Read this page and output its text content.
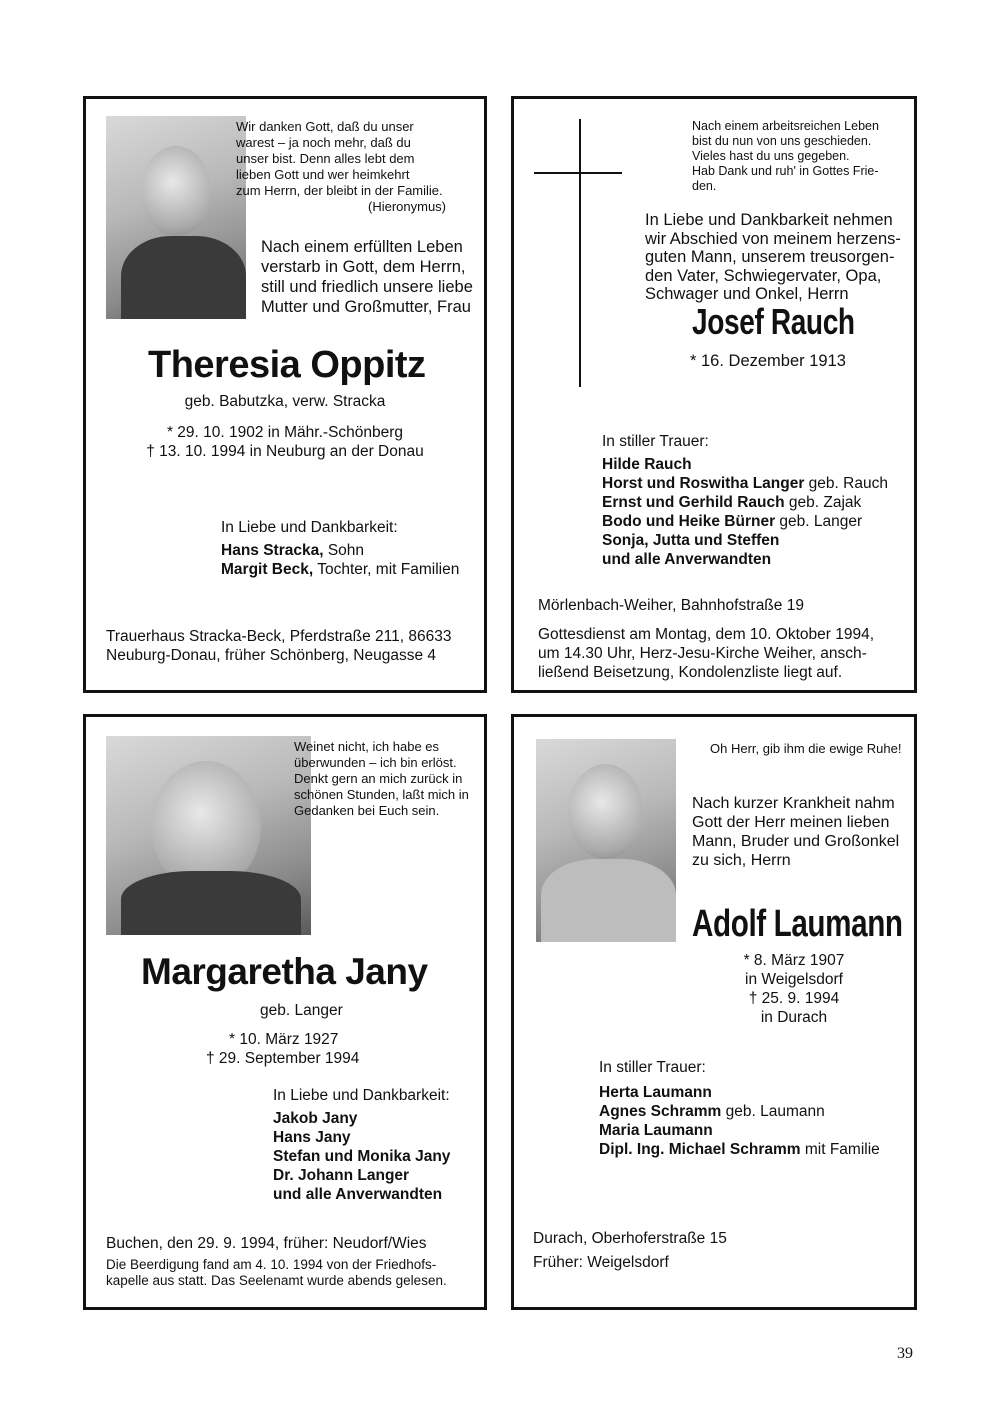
Wir danken Gott, daß du unser
warest – ja noch mehr, daß du
unser bist. Denn alles lebt dem
lieben Gott und wer heimkehrt
zum Herrn, der bleibt in der Familie.
(Hieronymus)
Nach einem erfüllten Leben
verstarb in Gott, dem Herrn,
still und friedlich unsere liebe
Mutter und Großmutter, Frau
Theresia Oppitz
geb. Babutzka, verw. Stracka
* 29. 10. 1902 in Mähr.-Schönberg
† 13. 10. 1994 in Neuburg an der Donau
In Liebe und Dankbarkeit:
Hans Stracka, Sohn
Margit Beck, Tochter, mit Familien
Trauerhaus Stracka-Beck, Pferdstraße 211, 86633
Neuburg-Donau, früher Schönberg, Neugasse 4
Nach einem arbeitsreichen Leben
bist du nun von uns geschieden.
Vieles hast du uns gegeben.
Hab Dank und ruh' in Gottes Frie-
den.
In Liebe und Dankbarkeit nehmen
wir Abschied von meinem herzens-
guten Mann, unserem treusorgen-
den Vater, Schwiegervater, Opa,
Schwager und Onkel, Herrn
Josef Rauch
* 16. Dezember 1913
In stiller Trauer:
Hilde Rauch
Horst und Roswitha Langer geb. Rauch
Ernst und Gerhild Rauch geb. Zajak
Bodo und Heike Bürner geb. Langer
Sonja, Jutta und Steffen
und alle Anverwandten
Mörlenbach-Weiher, Bahnhofstraße 19
Gottesdienst am Montag, dem 10. Oktober 1994,
um 14.30 Uhr, Herz-Jesu-Kirche Weiher, ansch-
ließend Beisetzung, Kondolenzliste liegt auf.
Weinet nicht, ich habe es
überwunden – ich bin erlöst.
Denkt gern an mich zurück in
schönen Stunden, laßt mich in
Gedanken bei Euch sein.
Margaretha Jany
geb. Langer
* 10. März 1927
† 29. September 1994
In Liebe und Dankbarkeit:
Jakob Jany
Hans Jany
Stefan und Monika Jany
Dr. Johann Langer
und alle Anverwandten
Buchen, den 29. 9. 1994, früher: Neudorf/Wies
Die Beerdigung fand am 4. 10. 1994 von der Friedhofs-
kapelle aus statt. Das Seelenamt wurde abends gelesen.
Oh Herr, gib ihm die ewige Ruhe!
Nach kurzer Krankheit nahm
Gott der Herr meinen lieben
Mann, Bruder und Großonkel
zu sich, Herrn
Adolf Laumann
* 8. März 1907
in Weigelsdorf
† 25. 9. 1994
in Durach
In stiller Trauer:
Herta Laumann
Agnes Schramm geb. Laumann
Maria Laumann
Dipl. Ing. Michael Schramm mit Familie
Durach, Oberhoferstraße 15
Früher: Weigelsdorf
39
